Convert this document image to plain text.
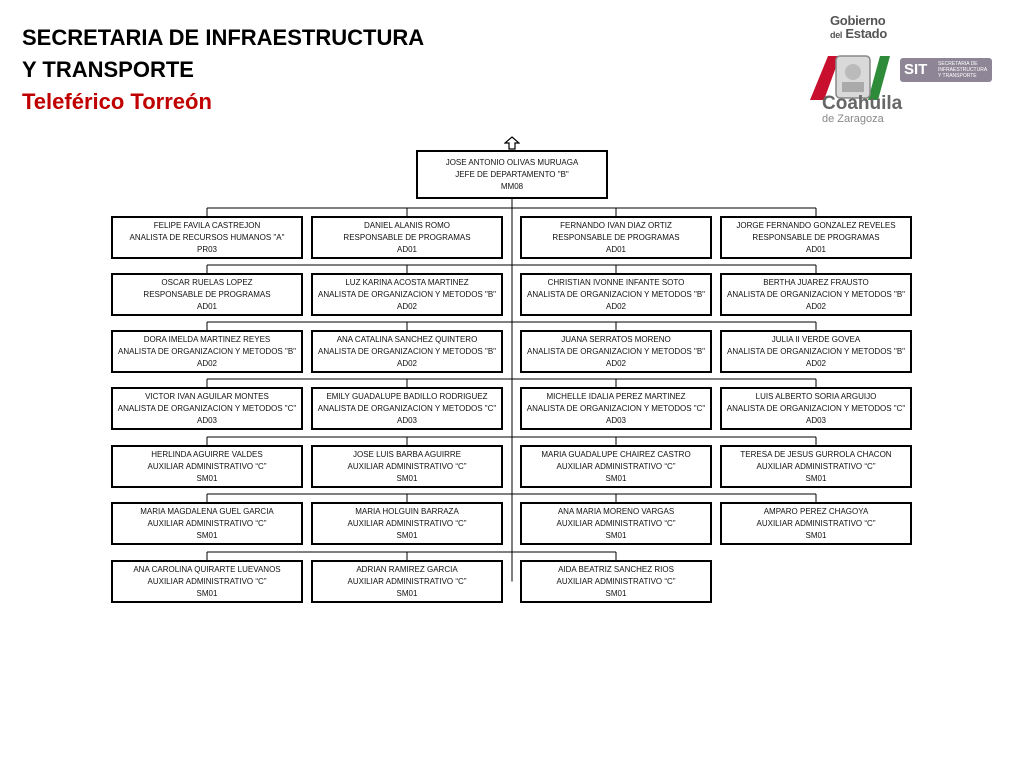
SECRETARIA DE INFRAESTRUCTURA
Y TRANSPORTE
Teleférico Torreón
Gobierno
del Estado
SIT SECRETARIA DE
INFRAESTRUCTURA
Y TRANSPORTE
Coahuila
de Zaragoza
JOSE ANTONIO OLIVAS MURUAGA
JEFE DE DEPARTAMENTO "B"
MM08
FELIPE FAVILA CASTREJON
ANALISTA DE RECURSOS HUMANOS "A"
PR03
DANIEL ALANIS ROMO
RESPONSABLE DE PROGRAMAS
AD01
FERNANDO IVAN DIAZ ORTIZ
RESPONSABLE DE PROGRAMAS
AD01
JORGE FERNANDO GONZALEZ REVELES
RESPONSABLE DE PROGRAMAS
AD01
OSCAR RUELAS LOPEZ
RESPONSABLE DE PROGRAMAS
AD01
LUZ KARINA ACOSTA MARTINEZ
ANALISTA DE ORGANIZACION Y METODOS "B"
AD02
CHRISTIAN IVONNE INFANTE SOTO
ANALISTA DE ORGANIZACION Y METODOS "B"
AD02
BERTHA JUAREZ FRAUSTO
ANALISTA DE ORGANIZACION Y METODOS "B"
AD02
DORA IMELDA MARTINEZ REYES
ANALISTA DE ORGANIZACION Y METODOS "B"
AD02
ANA CATALINA SANCHEZ QUINTERO
ANALISTA DE ORGANIZACION Y METODOS "B"
AD02
JUANA SERRATOS MORENO
ANALISTA DE ORGANIZACION Y METODOS "B"
AD02
JULIA II VERDE GOVEA
ANALISTA DE ORGANIZACION Y METODOS "B"
AD02
VICTOR IVAN AGUILAR MONTES
ANALISTA DE ORGANIZACION Y METODOS "C"
AD03
EMILY GUADALUPE BADILLO RODRIGUEZ
ANALISTA DE ORGANIZACION Y METODOS "C"
AD03
MICHELLE IDALIA PEREZ MARTINEZ
ANALISTA DE ORGANIZACION Y METODOS "C"
AD03
LUIS ALBERTO SORIA ARGUIJO
ANALISTA DE ORGANIZACION Y METODOS "C"
AD03
HERLINDA AGUIRRE VALDES
AUXILIAR ADMINISTRATIVO “C”
SM01
JOSE LUIS BARBA AGUIRRE
AUXILIAR ADMINISTRATIVO “C”
SM01
MARIA GUADALUPE CHAIREZ CASTRO
AUXILIAR ADMINISTRATIVO “C”
SM01
TERESA DE JESUS GURROLA CHACON
AUXILIAR ADMINISTRATIVO “C”
SM01
MARIA MAGDALENA GUEL GARCIA
AUXILIAR ADMINISTRATIVO “C”
SM01
MARIA HOLGUIN BARRAZA
AUXILIAR ADMINISTRATIVO “C”
SM01
ANA MARIA MORENO VARGAS
AUXILIAR ADMINISTRATIVO “C”
SM01
AMPARO PEREZ CHAGOYA
AUXILIAR ADMINISTRATIVO “C”
SM01
ANA CAROLINA QUIRARTE LUEVANOS
AUXILIAR ADMINISTRATIVO “C”
SM01
ADRIAN RAMIREZ GARCIA
AUXILIAR ADMINISTRATIVO “C”
SM01
AIDA BEATRIZ SANCHEZ RIOS
AUXILIAR ADMINISTRATIVO “C”
SM01
